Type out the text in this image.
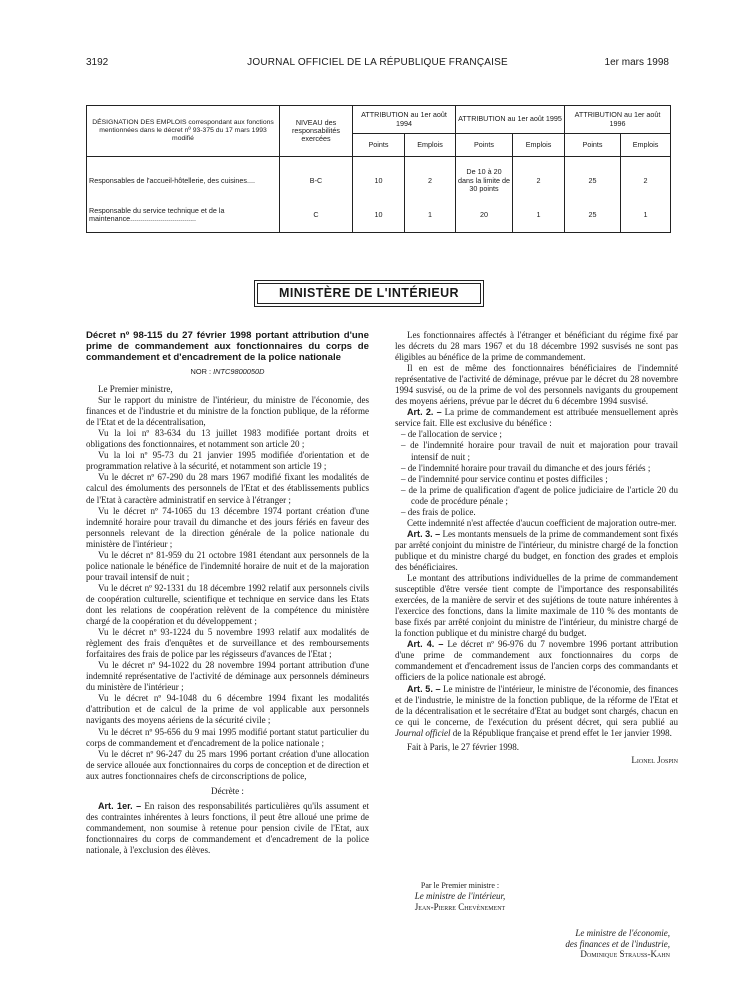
3192	JOURNAL OFFICIEL DE LA RÉPUBLIQUE FRANÇAISE	1er mars 1998
DÉSIGNATION DES EMPLOIS correspondant aux fonctions mentionnées dans le décret nº 93-375 du 17 mars 1993 modifié	NIVEAU des responsabilités exercées	ATTRIBUTION au 1er août 1994		ATTRIBUTION au 1er août 1995		ATTRIBUTION au 1er août 1996	
		Points	Emplois	Points	Emplois	Points	Emplois
Responsables de l'accueil-hôtellerie, des cuisines....	B-C	10	2	De 10 à 20 dans la limite de 30 points	2	25	2
Responsable du service technique et de la maintenance.................................	C	10	1	20	1	25	1
MINISTÈRE DE L'INTÉRIEUR

Décret nº 98-115 du 27 février 1998 portant attribution d'une prime de commandement aux fonctionnaires du corps de commandement et d'encadrement de la police nationale

NOR : INTC9800050D

Le Premier ministre,

Sur le rapport du ministre de l'intérieur, du ministre de l'économie, des finances et de l'industrie et du ministre de la fonction publique, de la réforme de l'Etat et de la décentralisation,

Vu la loi nº 83-634 du 13 juillet 1983 modifiée portant droits et obligations des fonctionnaires, et notamment son article 20 ;

Vu la loi nº 95-73 du 21 janvier 1995 modifiée d'orientation et de programmation relative à la sécurité, et notamment son article 19 ;

Vu le décret nº 67-290 du 28 mars 1967 modifié fixant les modalités de calcul des émoluments des personnels de l'Etat et des établissements publics de l'Etat à caractère administratif en service à l'étranger ;

Vu le décret nº 74-1065 du 13 décembre 1974 portant création d'une indemnité horaire pour travail du dimanche et des jours fériés en faveur des personnels relevant de la direction générale de la police nationale du ministère de l'intérieur ;

Vu le décret nº 81-959 du 21 octobre 1981 étendant aux personnels de la police nationale le bénéfice de l'indemnité horaire de nuit et de la majoration pour travail intensif de nuit ;

Vu le décret nº 92-1331 du 18 décembre 1992 relatif aux personnels civils de coopération culturelle, scientifique et technique en service dans les Etats dont les relations de coopération relèvent de la compétence du ministère chargé de la coopération et du développement ;

Vu le décret nº 93-1224 du 5 novembre 1993 relatif aux modalités de règlement des frais d'enquêtes et de surveillance et des remboursements forfaitaires des frais de police par les régisseurs d'avances de l'Etat ;

Vu le décret nº 94-1022 du 28 novembre 1994 portant attribution d'une indemnité représentative de l'activité de déminage aux personnels démineurs du ministère de l'intérieur ;

Vu le décret nº 94-1048 du 6 décembre 1994 fixant les modalités d'attribution et de calcul de la prime de vol applicable aux personnels navigants des moyens aériens de la sécurité civile ;

Vu le décret nº 95-656 du 9 mai 1995 modifié portant statut particulier du corps de commandement et d'encadrement de la police nationale ;

Vu le décret nº 96-247 du 25 mars 1996 portant création d'une allocation de service allouée aux fonctionnaires du corps de conception et de direction et aux autres fonctionnaires chefs de circonscriptions de police,

Décrète :

Art. 1er. – En raison des responsabilités particulières qu'ils assument et des contraintes inhérentes à leurs fonctions, il peut être alloué une prime de commandement, non soumise à retenue pour pension civile de l'Etat, aux fonctionnaires du corps de commandement et d'encadrement de la police nationale, à l'exclusion des élèves.

Les fonctionnaires affectés à l'étranger et bénéficiant du régime fixé par les décrets du 28 mars 1967 et du 18 décembre 1992 susvisés ne sont pas éligibles au bénéfice de la prime de commandement.

Il en est de même des fonctionnaires bénéficiaires de l'indemnité représentative de l'activité de déminage, prévue par le décret du 28 novembre 1994 susvisé, ou de la prime de vol des personnels navigants du groupement des moyens aériens, prévue par le décret du 6 décembre 1994 susvisé.

Art. 2. – La prime de commandement est attribuée mensuellement après service fait. Elle est exclusive du bénéfice :

– de l'allocation de service ;

– de l'indemnité horaire pour travail de nuit et majoration pour travail intensif de nuit ;

– de l'indemnité horaire pour travail du dimanche et des jours fériés ;

– de l'indemnité pour service continu et postes difficiles ;

– de la prime de qualification d'agent de police judiciaire de l'article 20 du code de procédure pénale ;

– des frais de police.

Cette indemnité n'est affectée d'aucun coefficient de majoration outre-mer.

Art. 3. – Les montants mensuels de la prime de commandement sont fixés par arrêté conjoint du ministre de l'intérieur, du ministre chargé de la fonction publique et du ministre chargé du budget, en fonction des grades et emplois des bénéficiaires.

Le montant des attributions individuelles de la prime de commandement susceptible d'être versée tient compte de l'importance des responsabilités exercées, de la manière de servir et des sujétions de toute nature inhérentes à l'exercice des fonctions, dans la limite maximale de 110 % des montants de base fixés par arrêté conjoint du ministre de l'intérieur, du ministre chargé de la fonction publique et du ministre chargé du budget.

Art. 4. – Le décret nº 96-976 du 7 novembre 1996 portant attribution d'une prime de commandement aux fonctionnaires du corps de commandement et d'encadrement issus de l'ancien corps des commandants et officiers de la police nationale est abrogé.

Art. 5. – Le ministre de l'intérieur, le ministre de l'économie, des finances et de l'industrie, le ministre de la fonction publique, de la réforme de l'Etat et de la décentralisation et le secrétaire d'Etat au budget sont chargés, chacun en ce qui le concerne, de l'exécution du présent décret, qui sera publié au Journal officiel de la République française et prend effet le 1er janvier 1998.

Fait à Paris, le 27 février 1998.

Lionel Jospin

Par le Premier ministre :
Le ministre de l'intérieur,
Jean-Pierre Chevènement
Le ministre de l'économie,
des finances et de l'industrie,
Dominique Strauss-Kahn
